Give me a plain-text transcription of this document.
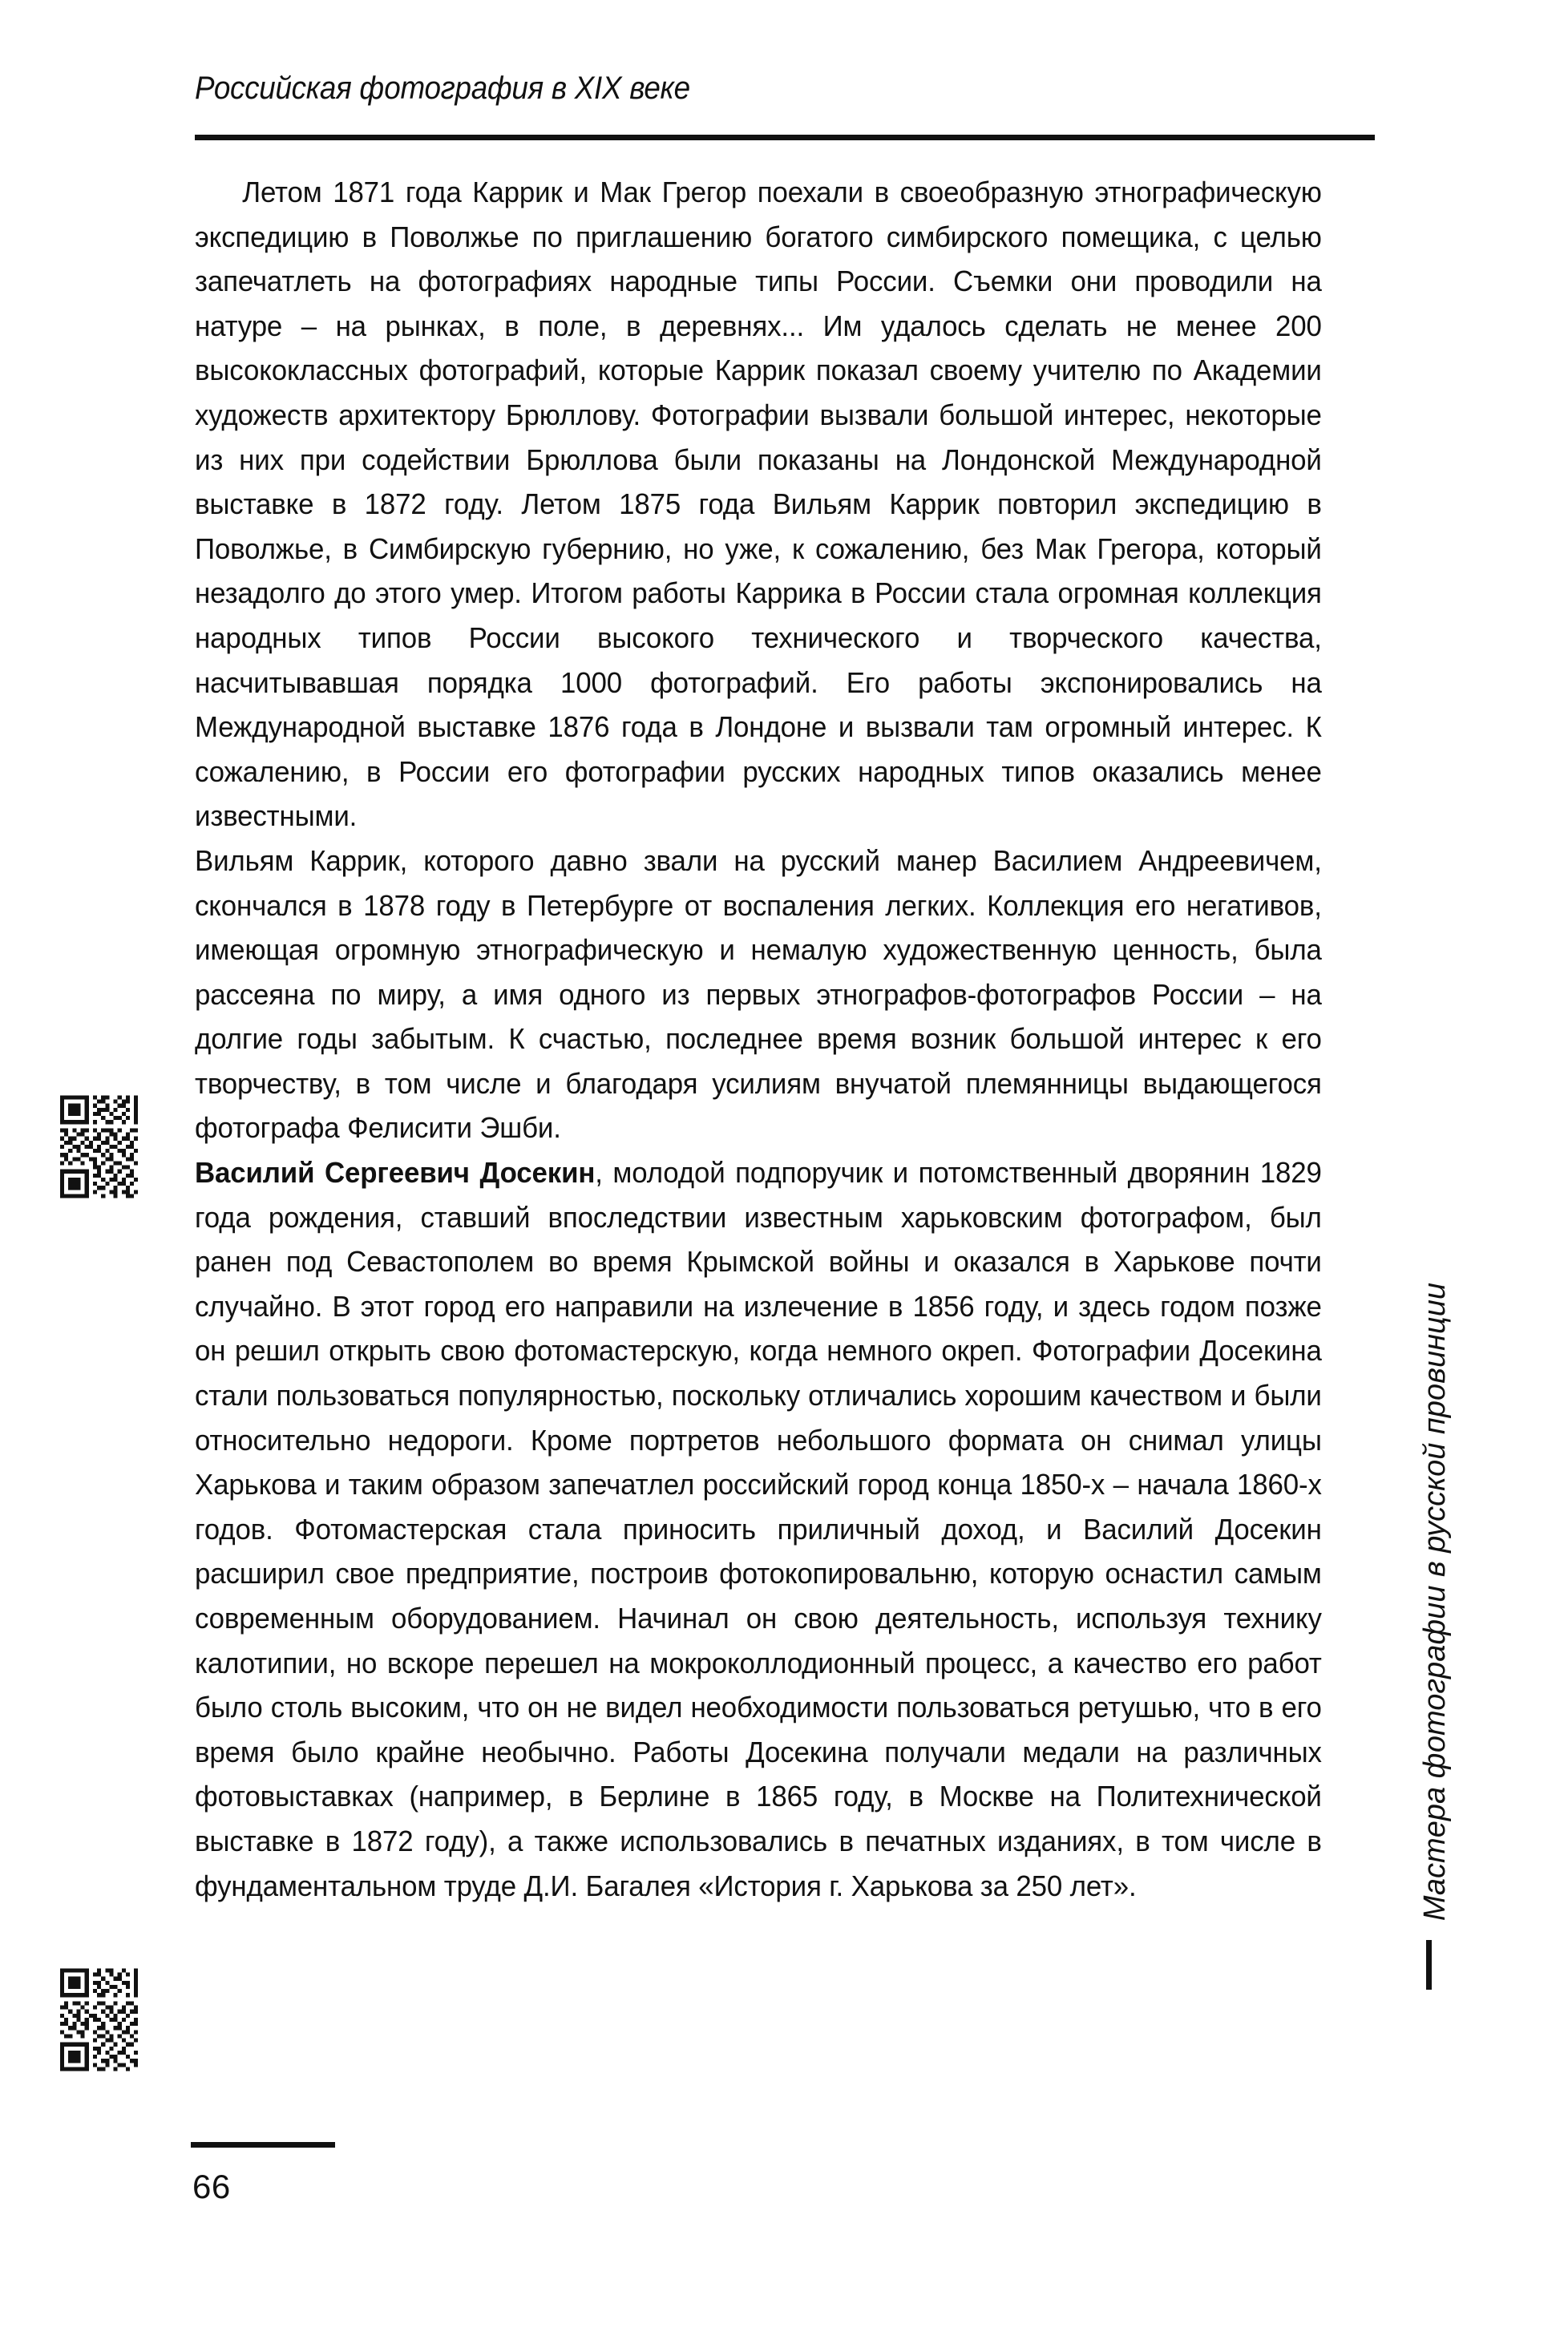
Российская фотография в XIX веке

Летом 1871 года Каррик и Мак Грегор поехали в своеобразную этнографическую экспедицию в Поволжье по приглашению богатого симбирского помещика, с целью запечатлеть на фотографиях народные типы России. Съемки они проводили на натуре – на рынках, в поле, в деревнях... Им удалось сделать не менее 200 высококлассных фотографий, которые Каррик показал своему учителю по Академии художеств архитектору Брюллову. Фотографии вызвали большой интерес, некоторые из них при содействии Брюллова были показаны на Лондонской Международной выставке в 1872 году. Летом 1875 года Вильям Каррик повторил экспедицию в Поволжье, в Симбирскую губернию, но уже, к сожалению, без Мак Грегора, который незадолго до этого умер. Итогом работы Каррика в России стала огромная коллекция народных типов России высокого технического и творческого качества, насчитывавшая порядка 1000 фотографий. Его работы экспонировались на Международной выставке 1876 года в Лондоне и вызвали там огромный интерес. К сожалению, в России его фотографии русских народных типов оказались менее известными.

Вильям Каррик, которого давно звали на русский манер Василием Андреевичем, скончался в 1878 году в Петербурге от воспаления легких. Коллекция его негативов, имеющая огромную этнографическую и немалую художественную ценность, была рассеяна по миру, а имя одного из первых этнографов-фотографов России – на долгие годы забытым. К счастью, последнее время возник большой интерес к его творчеству, в том числе и благодаря усилиям внучатой племянницы выдающегося фотографа Фелисити Эшби.

Василий Сергеевич Досекин, молодой подпоручик и потомственный дворянин 1829 года рождения, ставший впоследствии известным харьковским фотографом, был ранен под Севастополем во время Крымской войны и оказался в Харькове почти случайно. В этот город его направили на излечение в 1856 году, и здесь годом позже он решил открыть свою фотомастерскую, когда немного окреп. Фотографии Досекина стали пользоваться популярностью, поскольку отличались хорошим качеством и были относительно недороги. Кроме портретов небольшого формата он снимал улицы Харькова и таким образом запечатлел российский город конца 1850-х – начала 1860-х годов. Фотомастерская стала приносить приличный доход, и Василий Досекин расширил свое предприятие, построив фотокопировальню, которую оснастил самым современным оборудованием. Начинал он свою деятельность, используя технику калотипии, но вскоре перешел на мокроколлодионный процесс, а качество его работ было столь высоким, что он не видел необходимости пользоваться ретушью, что в его время было крайне необычно. Работы Досекина получали медали на различных фотовыставках (например, в Берлине в 1865 году, в Москве на Политехнической выставке в 1872 году), а также использовались в печатных изданиях, в том числе в фундаментальном труде Д.И. Багалея «История г. Харькова за 250 лет».	Мастера фотографии в русской провинции
66
